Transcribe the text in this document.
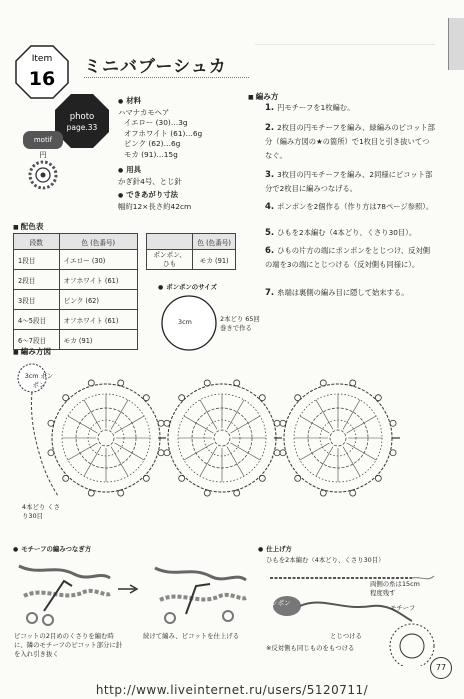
Item
16
ミニバブーシュカ
photo
page.33
motif
円
● 材料
ハマナカモヘア
イエロー (30)…3g
オフホワイト (61)…6g
ピンク (62)…6g
モカ (91)…15g
● 用具
かぎ針4号、とじ針
● できあがり寸法
幅約12×長さ約42cm
■ 配色表
段数	色 (色番号)
1段目	イエロー (30)
2段目	オフホワイト (61)
3段目	ピンク (62)
4～5段目	オフホワイト (61)
6～7段目	モカ (91)
	色 (色番号)
ポンポン、ひも	モカ (91)
● ポンポンのサイズ
3cm	2本どり 65回巻きで作る
■ 編み方
1. 円モチーフを1枚編む。
2. 2枚目の円モチーフを編み、緑編みのピコット部分（編み方図の★の箇所）で1枚目と引き抜いてつなぐ。
3. 3枚目の円モチーフを編み、2同様にピコット部分で2枚目に編みつなげる。
4. ポンポンを2個作る（作り方は78ページ参照）。
5. ひもを2本編む（4本どり、くさり30目）。
6. ひもの片方の端にポンポンをとじつけ、反対側の端を3の端にとじつける（反対側も同様に）。
7. 糸端は裏側の編み目に隠して始末する。
■ 編み方図
3cm ポンポン
4本どり くさり30目
● モチーフの編みつなぎ方
ピコットの2目めのくさりを編む時に、隣のモチーフのピコット部分に針を入れ引き抜く
続けて編み、ピコットを仕上げる
● 仕上げ方
ひもを2本編む（4本どり、くさり30目）
ポンポン
両側の糸は15cm程度残す
モチーフ
とじつける
※反対側も同じものをもつける
77
http://www.liveinternet.ru/users/5120711/
